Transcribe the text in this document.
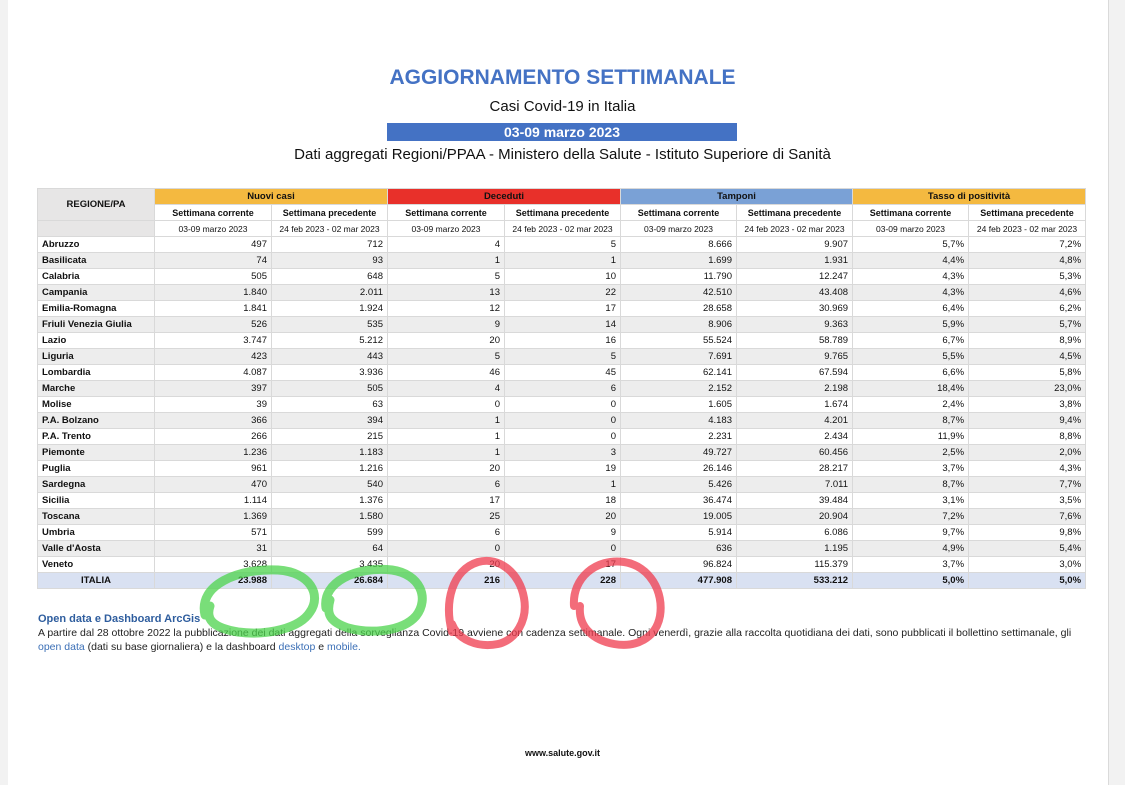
AGGIORNAMENTO SETTIMANALE
Casi Covid-19 in Italia
03-09 marzo 2023
Dati aggregati Regioni/PPAA - Ministero della Salute - Istituto Superiore di Sanità
REGIONE/PA	Nuovi casi		Deceduti		Tamponi		Tasso di positività	
	Settimana corrente	Settimana precedente	Settimana corrente	Settimana precedente	Settimana corrente	Settimana precedente	Settimana corrente	Settimana precedente
	03-09 marzo 2023	24 feb 2023 - 02 mar 2023	03-09 marzo 2023	24 feb 2023 - 02 mar 2023	03-09 marzo 2023	24 feb 2023 - 02 mar 2023	03-09 marzo 2023	24 feb 2023 - 02 mar 2023
Abruzzo	497	712	4	5	8.666	9.907	5,7%	7,2%
Basilicata	74	93	1	1	1.699	1.931	4,4%	4,8%
Calabria	505	648	5	10	11.790	12.247	4,3%	5,3%
Campania	1.840	2.011	13	22	42.510	43.408	4,3%	4,6%
Emilia-Romagna	1.841	1.924	12	17	28.658	30.969	6,4%	6,2%
Friuli Venezia Giulia	526	535	9	14	8.906	9.363	5,9%	5,7%
Lazio	3.747	5.212	20	16	55.524	58.789	6,7%	8,9%
Liguria	423	443	5	5	7.691	9.765	5,5%	4,5%
Lombardia	4.087	3.936	46	45	62.141	67.594	6,6%	5,8%
Marche	397	505	4	6	2.152	2.198	18,4%	23,0%
Molise	39	63	0	0	1.605	1.674	2,4%	3,8%
P.A. Bolzano	366	394	1	0	4.183	4.201	8,7%	9,4%
P.A. Trento	266	215	1	0	2.231	2.434	11,9%	8,8%
Piemonte	1.236	1.183	1	3	49.727	60.456	2,5%	2,0%
Puglia	961	1.216	20	19	26.146	28.217	3,7%	4,3%
Sardegna	470	540	6	1	5.426	7.011	8,7%	7,7%
Sicilia	1.114	1.376	17	18	36.474	39.484	3,1%	3,5%
Toscana	1.369	1.580	25	20	19.005	20.904	7,2%	7,6%
Umbria	571	599	6	9	5.914	6.086	9,7%	9,8%
Valle d'Aosta	31	64	0	0	636	1.195	4,9%	5,4%
Veneto	3.628	3.435	20	17	96.824	115.379	3,7%	3,0%
ITALIA	23.988	26.684	216	228	477.908	533.212	5,0%	5,0%
Open data e Dashboard ArcGis
A partire dal 28 ottobre 2022 la pubblicazione dei dati aggregati della sorveglianza Covid-19 avviene con cadenza settimanale. Ogni venerdì, grazie alla raccolta quotidiana dei dati, sono pubblicati il bollettino settimanale, gli open data (dati su base giornaliera) e la dashboard desktop e mobile.
www.salute.gov.it
